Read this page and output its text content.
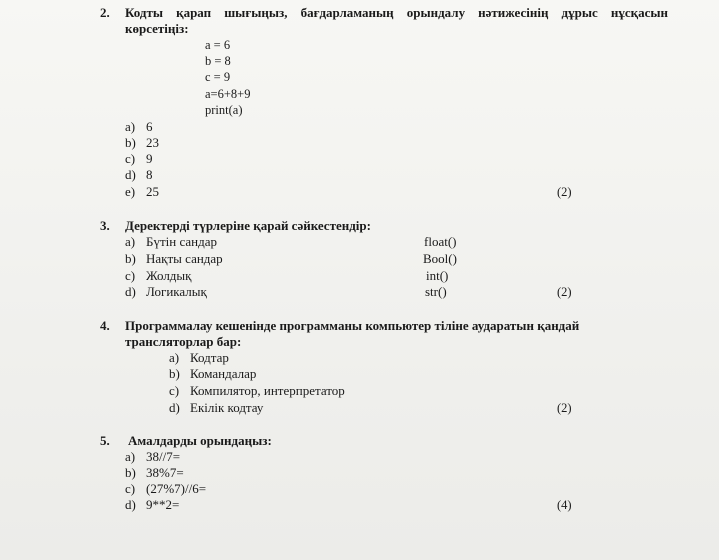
2. Кодты қарап шығыңыз, бағдарламаның орындалу нәтижесінің дұрыс нұсқасын
көрсетіңіз:
a = 6
b = 8
c = 9
a=6+8+9
print(a)
a) 6
b) 23
c) 9
d) 8
e) 25	(2)
3. Деректерді түрлеріне қарай сәйкестендір:
a) Бүтін сандар	float()
b) Нақты сандар	Bool()
c) Жолдық	int()
d) Логикалық	str()	(2)
4. Программалау кешенінде программаны компьютер тіліне аударатын қандай
трансляторлар бар:
a) Кодтар
b) Командалар
c) Компилятор, интерпретатор
d) Екілік кодтау	(2)
5. Амалдарды орындаңыз:
a) 38//7=
b) 38%7=
c) (27%7)//6=
d) 9**2=	(4)
